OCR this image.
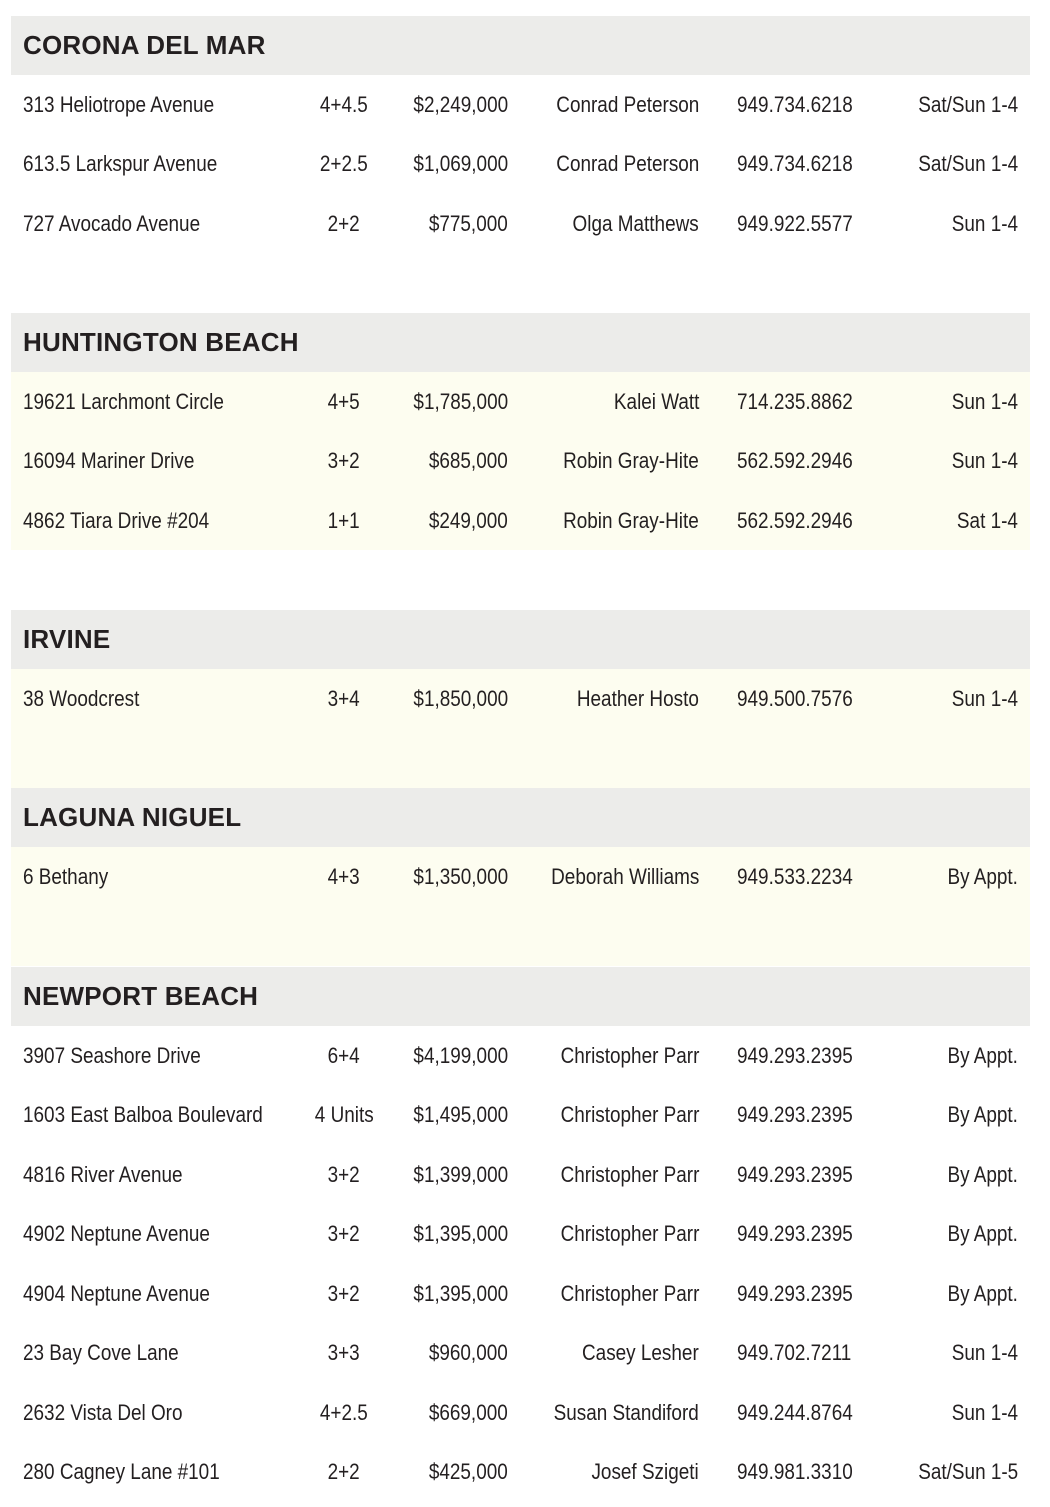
CORONA DEL MAR
313 Heliotrope Avenue	4+4.5 $2,249,000 Conrad Peterson 949.734.6218	Sat/Sun 1-4
613.5 Larkspur Avenue	2+2.5 $1,069,000 Conrad Peterson 949.734.6218	Sat/Sun 1-4
727 Avocado Avenue	2+2	$775,000	Olga Matthews 949.922.5577	Sun 1-4
HUNTINGTON BEACH
19621 Larchmont Circle	4+5 $1,785,000	Kalei Watt 714.235.8862	Sun 1-4
16094 Mariner Drive	3+2	$685,000	Robin Gray-Hite 562.592.2946	Sun 1-4
4862 Tiara Drive #204	1+1	$249,000	Robin Gray-Hite 562.592.2946	Sat 1-4
IRVINE
38 Woodcrest	3+4 $1,850,000	Heather Hosto 949.500.7576	Sun 1-4
LAGUNA NIGUEL
6 Bethany	4+3 $1,350,000 Deborah Williams 949.533.2234	By Appt.
NEWPORT BEACH
3907 Seashore Drive	6+4 $4,199,000 Christopher Parr 949.293.2395	By Appt.
1603 East Balboa Boulevard 4 Units $1,495,000 Christopher Parr 949.293.2395	By Appt.
4816 River Avenue	3+2 $1,399,000 Christopher Parr 949.293.2395	By Appt.
4902 Neptune Avenue	3+2 $1,395,000 Christopher Parr 949.293.2395	By Appt.
4904 Neptune Avenue	3+2 $1,395,000 Christopher Parr 949.293.2395	By Appt.
23 Bay Cove Lane	3+3	$960,000	Casey Lesher 949.702.7211	Sun 1-4
2632 Vista Del Oro	4+2.5	$669,000 Susan Standiford 949.244.8764	Sun 1-4
280 Cagney Lane #101	2+2	$425,000	Josef Szigeti 949.981.3310	Sat/Sun 1-5
